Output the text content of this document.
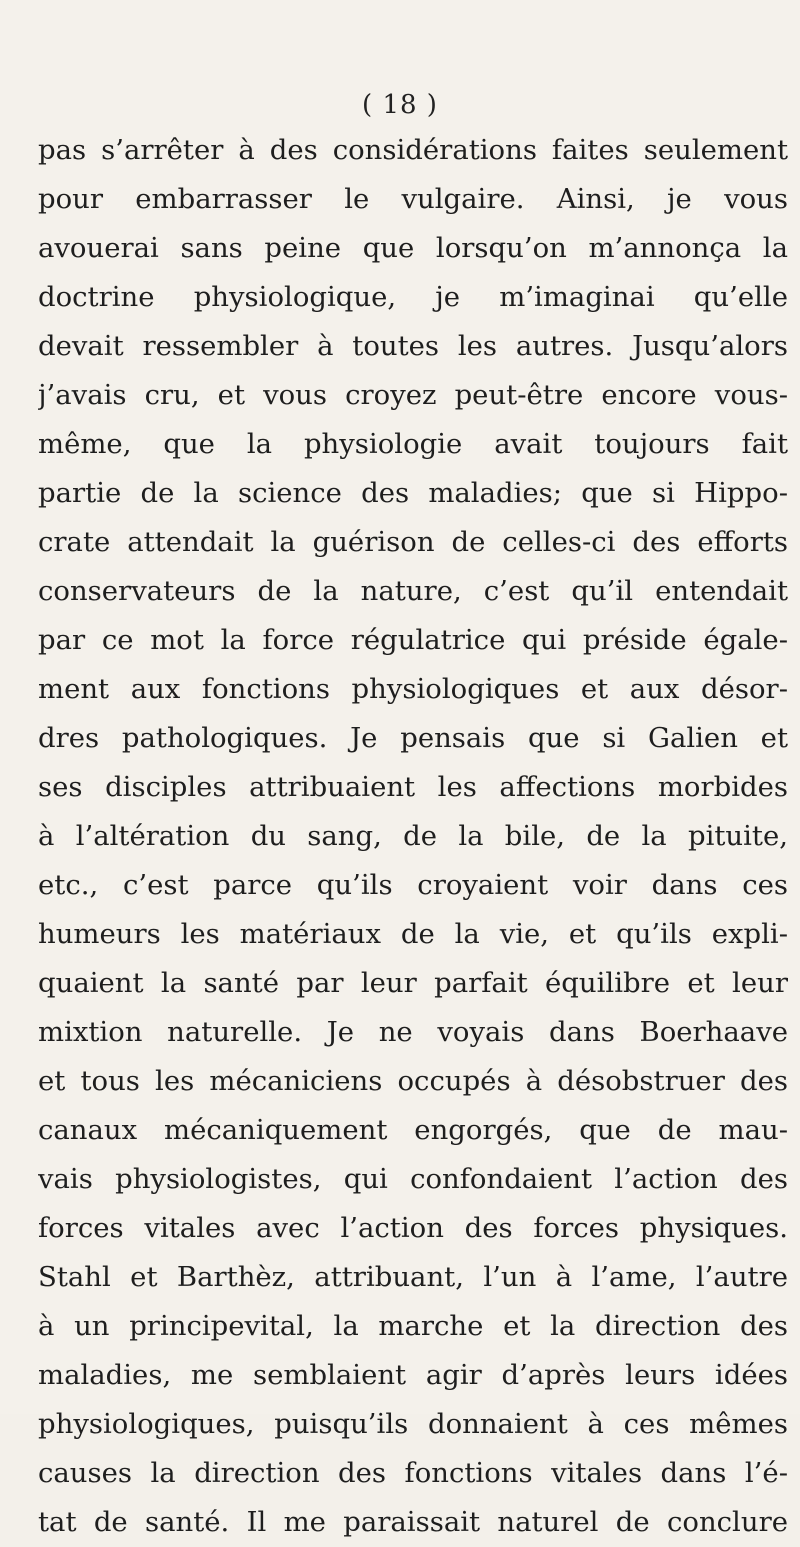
( 18 )
pas s’arrêter à des considérations faites seulement
pour embarrasser le vulgaire. Ainsi, je vous
avouerai sans peine que lorsqu’on m’annonça la
doctrine physiologique, je m’imaginai qu’elle
devait ressembler à toutes les autres. Jusqu’alors
j’avais cru, et vous croyez peut-être encore vous-
même, que la physiologie avait toujours fait
partie de la science des maladies; que si Hippo-
crate attendait la guérison de celles-ci des efforts
conservateurs de la nature, c’est qu’il entendait
par ce mot la force régulatrice qui préside égale-
ment aux fonctions physiologiques et aux désor-
dres pathologiques. Je pensais que si Galien et
ses disciples attribuaient les affections morbides
à l’altération du sang, de la bile, de la pituite,
etc., c’est parce qu’ils croyaient voir dans ces
humeurs les matériaux de la vie, et qu’ils expli-
quaient la santé par leur parfait équilibre et leur
mixtion naturelle. Je ne voyais dans Boerhaave
et tous les mécaniciens occupés à désobstruer des
canaux mécaniquement engorgés, que de mau-
vais physiologistes, qui confondaient l’action des
forces vitales avec l’action des forces physiques.
Stahl et Barthèz, attribuant, l’un à l’ame, l’autre
à un principevital, la marche et la direction des
maladies, me semblaient agir d’après leurs idées
physiologiques, puisqu’ils donnaient à ces mêmes
causes la direction des fonctions vitales dans l’é-
tat de santé. Il me paraissait naturel de conclure
